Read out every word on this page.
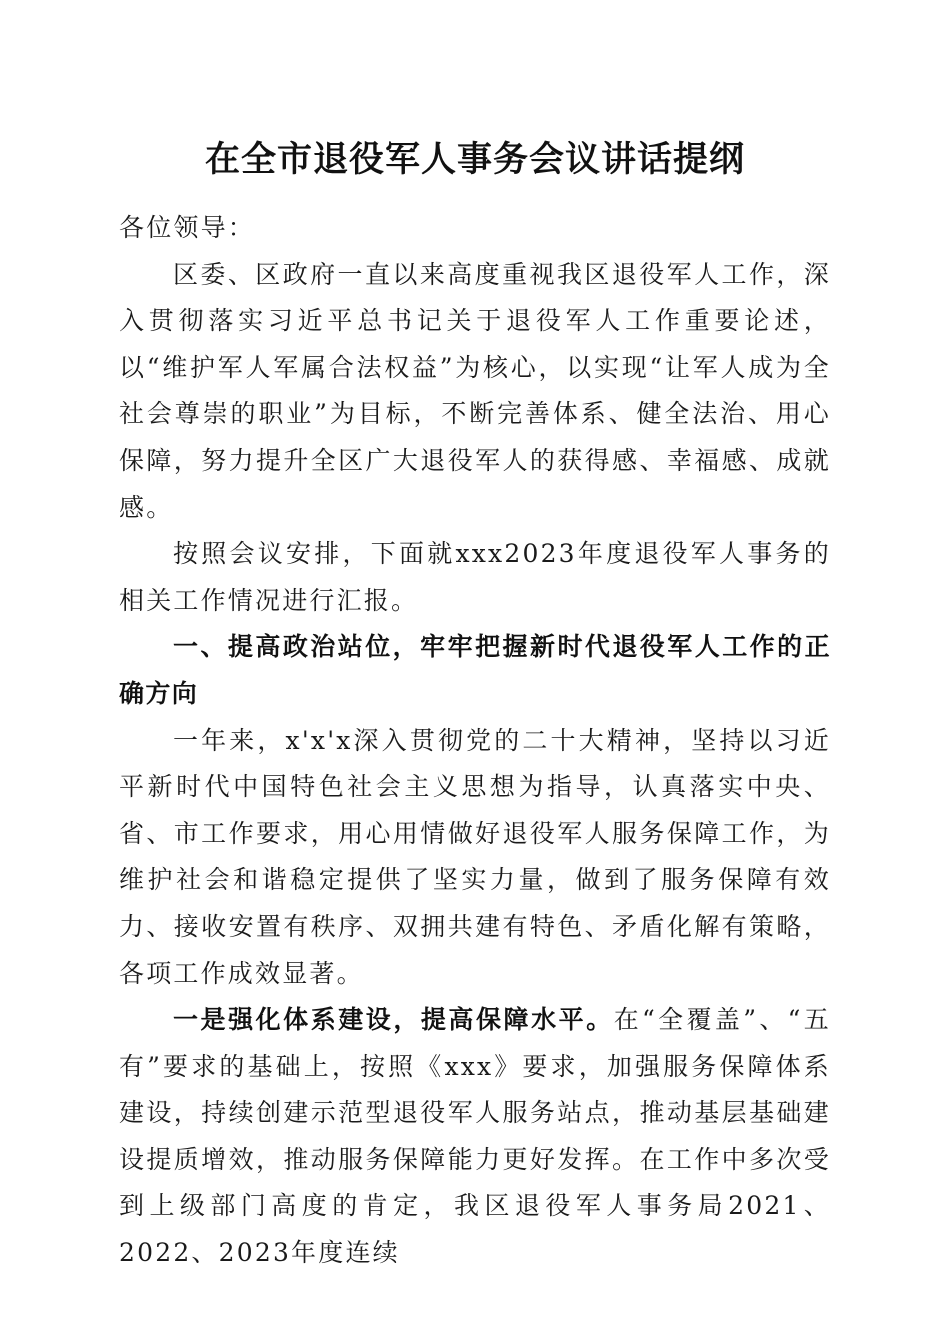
在全市退役军人事务会议讲话提纲

各位领导：

区委、区政府一直以来高度重视我区退役军人工作，深入贯彻落实习近平总书记关于退役军人工作重要论述，以“维护军人军属合法权益”为核心，以实现“让军人成为全社会尊崇的职业”为目标，不断完善体系、健全法治、用心保障，努力提升全区广大退役军人的获得感、幸福感、成就感。

按照会议安排，下面就xxx2023年度退役军人事务的相关工作情况进行汇报。

一、提高政治站位，牢牢把握新时代退役军人工作的正确方向

一年来，x'x'x深入贯彻党的二十大精神，坚持以习近平新时代中国特色社会主义思想为指导，认真落实中央、省、市工作要求，用心用情做好退役军人服务保障工作，为维护社会和谐稳定提供了坚实力量，做到了服务保障有效力、接收安置有秩序、双拥共建有特色、矛盾化解有策略，各项工作成效显著。

一是强化体系建设，提高保障水平。在“全覆盖”、“五有”要求的基础上，按照《xxx》要求，加强服务保障体系建设，持续创建示范型退役军人服务站点，推动基层基础建设提质增效，推动服务保障能力更好发挥。在工作中多次受到上级部门高度的肯定，我区退役军人事务局2021、2022、2023年度连续
